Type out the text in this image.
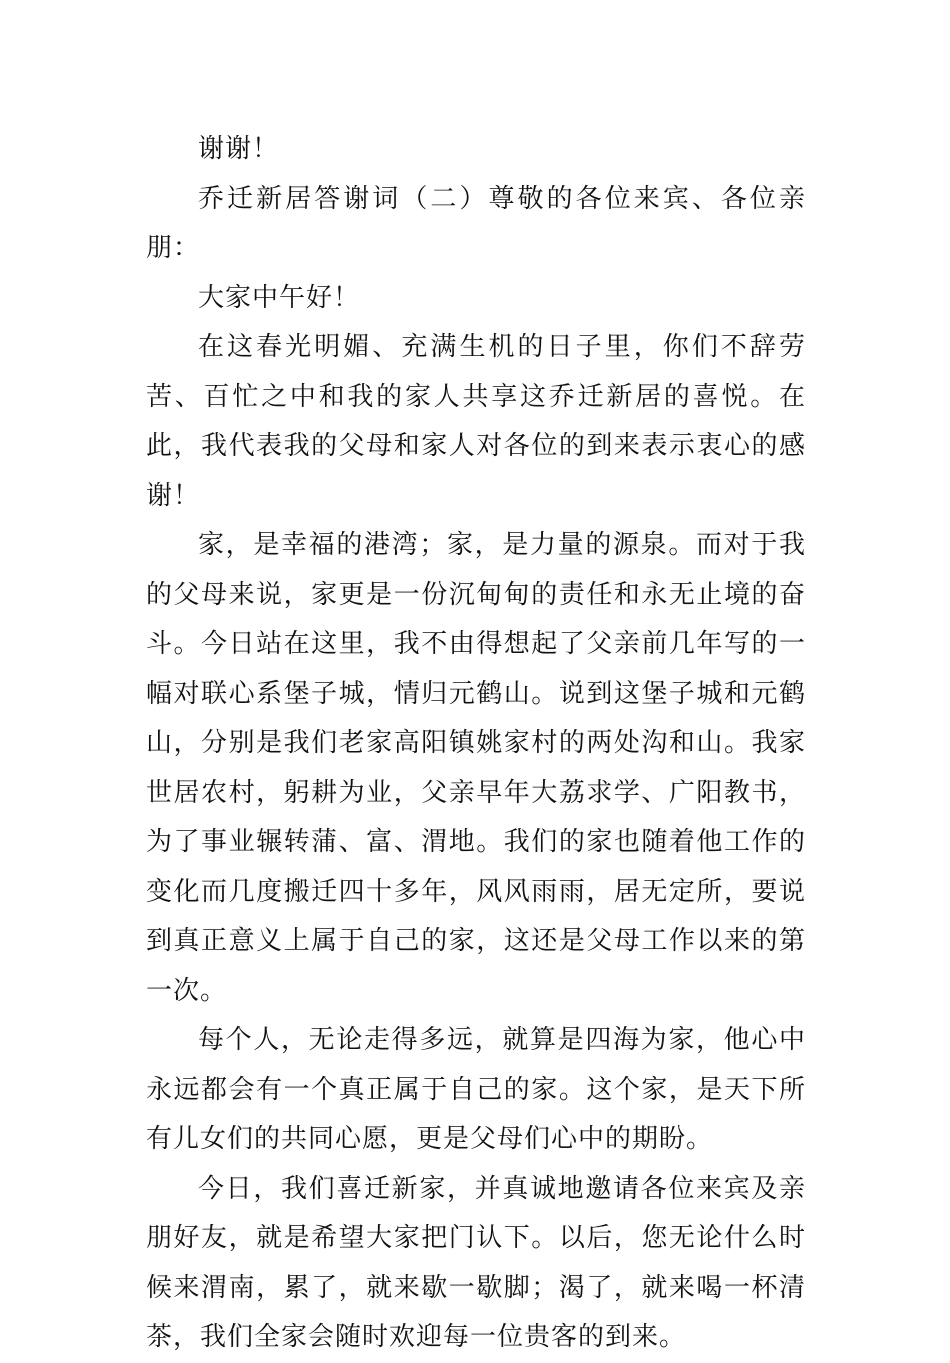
谢谢！

乔迁新居答谢词（二）尊敬的各位来宾、各位亲朋：

大家中午好！

在这春光明媚、充满生机的日子里，你们不辞劳苦、百忙之中和我的家人共享这乔迁新居的喜悦。在此，我代表我的父母和家人对各位的到来表示衷心的感谢！

家，是幸福的港湾；家，是力量的源泉。而对于我的父母来说，家更是一份沉甸甸的责任和永无止境的奋斗。今日站在这里，我不由得想起了父亲前几年写的一幅对联心系堡子城，情归元鹤山。说到这堡子城和元鹤山，分别是我们老家高阳镇姚家村的两处沟和山。我家世居农村，躬耕为业，父亲早年大荔求学、广阳教书，为了事业辗转蒲、富、渭地。我们的家也随着他工作的变化而几度搬迁四十多年，风风雨雨，居无定所，要说到真正意义上属于自己的家，这还是父母工作以来的第一次。

每个人，无论走得多远，就算是四海为家，他心中永远都会有一个真正属于自己的家。这个家，是天下所有儿女们的共同心愿，更是父母们心中的期盼。

今日，我们喜迁新家，并真诚地邀请各位来宾及亲朋好友，就是希望大家把门认下。以后，您无论什么时候来渭南，累了，就来歇一歇脚；渴了，就来喝一杯清茶，我们全家会随时欢迎每一位贵客的到来。
